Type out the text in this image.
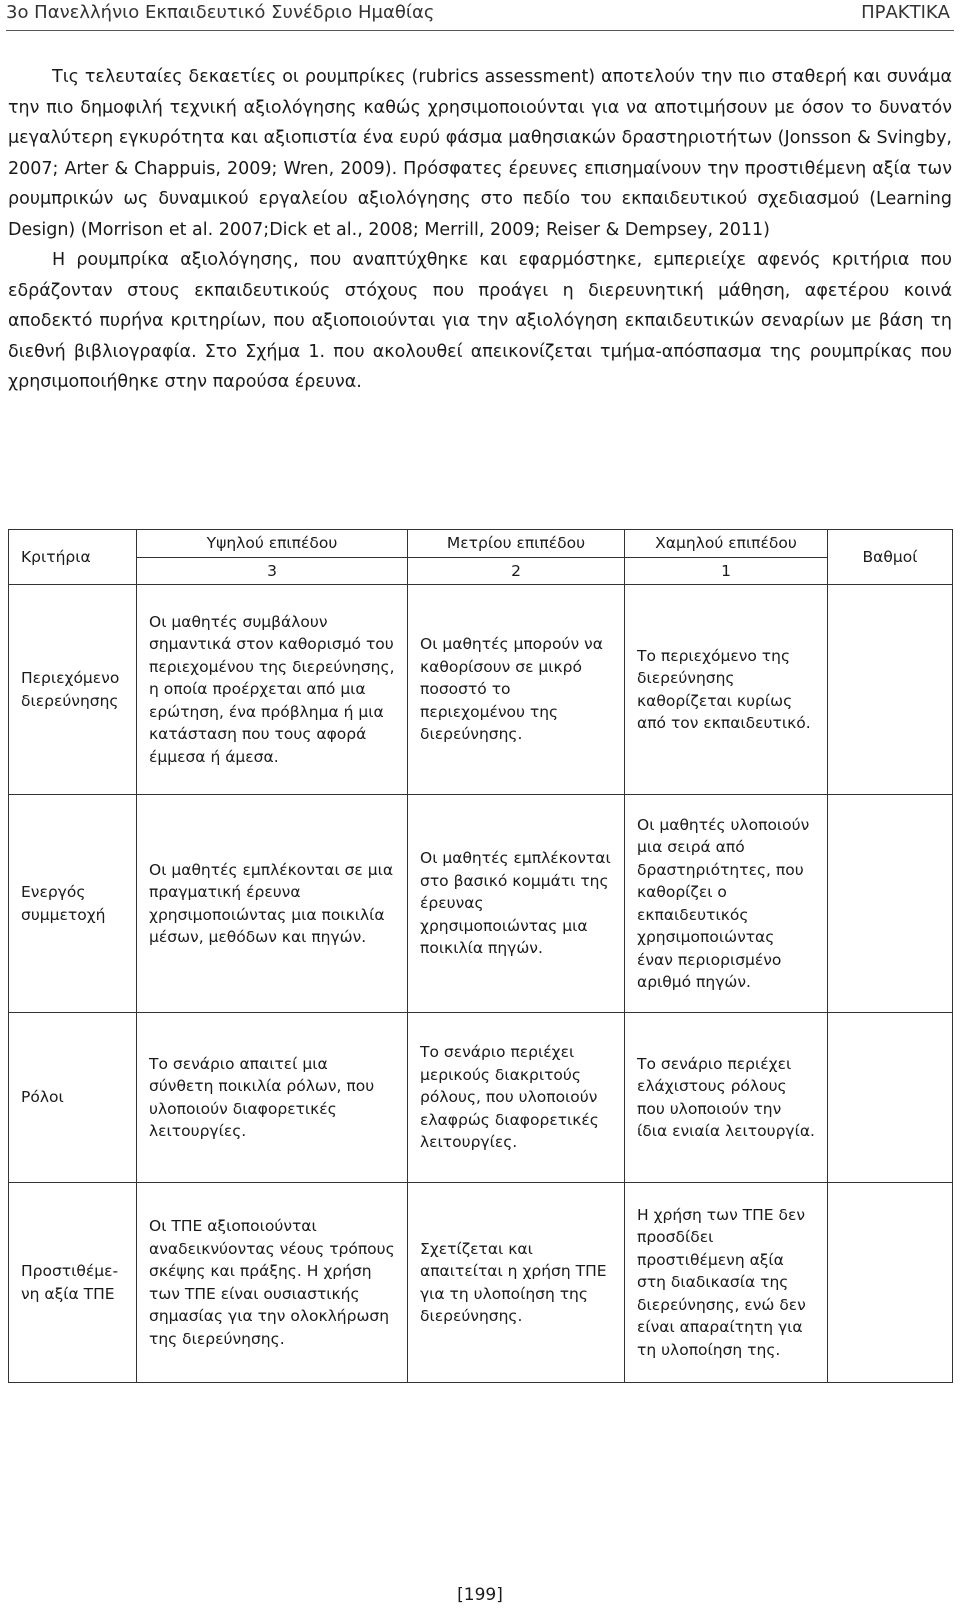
3ο Πανελλήνιο Εκπαιδευτικό Συνέδριο Ημαθίας	ΠΡΑΚΤΙΚΑ

Τις τελευταίες δεκαετίες οι ρουμπρίκες (rubrics assessment) αποτελούν την πιο σταθερή και συνάμα την πιο δημοφιλή τεχνική αξιολόγησης καθώς χρησιμοποιούνται για να αποτιμήσουν με όσον το δυνατόν μεγαλύτερη εγκυρότητα και αξιοπιστία ένα ευρύ φάσμα μαθησιακών δραστηριοτήτων (Jonsson & Svingby, 2007; Arter & Chappuis, 2009; Wren, 2009). Πρόσφατες έρευνες επισημαίνουν την προστιθέμενη αξία των ρουμπρικών ως δυναμικού εργαλείου αξιολόγησης στο πεδίο του εκπαιδευτικού σχεδιασμού (Learning Design) (Morrison et al. 2007;Dick et al., 2008; Merrill, 2009; Reiser & Dempsey, 2011)

Η ρουμπρίκα αξιολόγησης, που αναπτύχθηκε και εφαρμόστηκε, εμπεριείχε αφενός κριτήρια που εδράζονταν στους εκπαιδευτικούς στόχους που προάγει η διερευνητική μάθηση, αφετέρου κοινά αποδεκτό πυρήνα κριτηρίων, που αξιοποιούνται για την αξιολόγηση εκπαιδευτικών σεναρίων με βάση τη διεθνή βιβλιογραφία. Στο Σχήμα 1. που ακολουθεί απεικονίζεται τμήμα-απόσπασμα της ρουμπρίκας που χρησιμοποιήθηκε στην παρούσα έρευνα.

Κριτήρια	Υψηλού επιπέδου	Μετρίου επιπέδου	Χαμηλού επιπέδου	Βαθμοί
	3	2	1	
Περιεχόμενο διερεύνησης	Οι μαθητές συμβάλουν σημαντικά στον καθορισμό του περιεχομένου της διερεύνησης, η οποία προέρχεται από μια ερώτηση, ένα πρόβλημα ή μια κατάσταση που τους αφορά έμμεσα ή άμεσα.	Οι μαθητές μπορούν να καθορίσουν σε μικρό ποσοστό το περιεχομένου της διερεύνησης.	Το περιεχόμενο της διερεύνησης καθορίζεται κυρίως από τον εκπαιδευτικό.	
Ενεργός συμμετοχή	Οι μαθητές εμπλέκονται σε μια πραγματική έρευνα χρησιμοποιώντας μια ποικιλία μέσων, μεθόδων και πηγών.	Οι μαθητές εμπλέκονται στο βασικό κομμάτι της έρευνας χρησιμοποιώντας μια ποικιλία πηγών.	Οι μαθητές υλοποιούν μια σειρά από δραστηριότητες, που καθορίζει ο εκπαιδευτικός χρησιμοποιώντας έναν περιορισμένο αριθμό πηγών.	
Ρόλοι	Το σενάριο απαιτεί μια σύνθετη ποικιλία ρόλων, που υλοποιούν διαφορετικές λειτουργίες.	Το σενάριο περιέχει μερικούς διακριτούς ρόλους, που υλοποιούν ελαφρώς διαφορετικές λειτουργίες.	Το σενάριο περιέχει ελάχιστους ρόλους που υλοποιούν την ίδια ενιαία λειτουργία.	
Προστιθέμε- νη αξία ΤΠΕ	Οι ΤΠΕ αξιοποιούνται αναδεικνύοντας νέους τρόπους σκέψης και πράξης. Η χρήση των ΤΠΕ είναι ουσιαστικής σημασίας για την ολοκλήρωση της διερεύνησης.	Σχετίζεται και απαιτείται η χρήση ΤΠΕ για τη υλοποίηση της διερεύνησης.	Η χρήση των ΤΠΕ δεν προσδίδει προστιθέμενη αξία στη διαδικασία της διερεύνησης, ενώ δεν είναι απαραίτητη για τη υλοποίηση της.	
[199]
